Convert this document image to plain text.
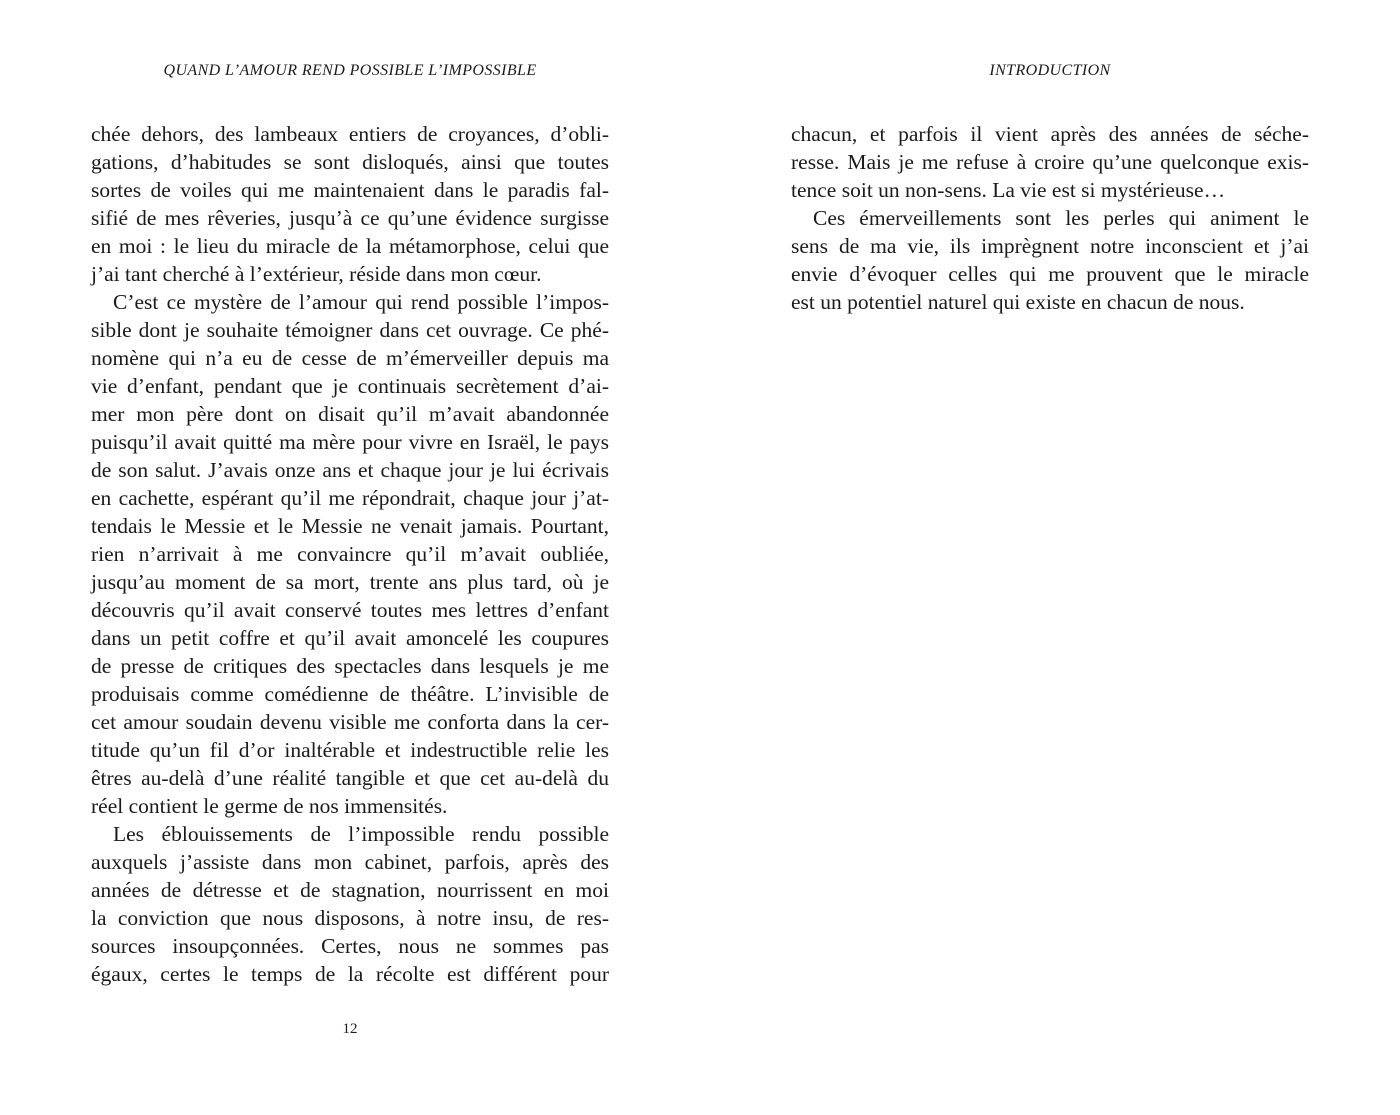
QUAND L’AMOUR REND POSSIBLE L’IMPOSSIBLE
chée dehors, des lambeaux entiers de croyances, d’obli-
gations, d’habitudes se sont disloqués, ainsi que toutes
sortes de voiles qui me maintenaient dans le paradis fal-
sifié de mes rêveries, jusqu’à ce qu’une évidence surgisse
en moi : le lieu du miracle de la métamorphose, celui que
j’ai tant cherché à l’extérieur, réside dans mon cœur.
C’est ce mystère de l’amour qui rend possible l’impos-
sible dont je souhaite témoigner dans cet ouvrage. Ce phé-
nomène qui n’a eu de cesse de m’émerveiller depuis ma
vie d’enfant, pendant que je continuais secrètement d’ai-
mer mon père dont on disait qu’il m’avait abandonnée
puisqu’il avait quitté ma mère pour vivre en Israël, le pays
de son salut. J’avais onze ans et chaque jour je lui écrivais
en cachette, espérant qu’il me répondrait, chaque jour j’at-
tendais le Messie et le Messie ne venait jamais. Pourtant,
rien n’arrivait à me convaincre qu’il m’avait oubliée,
jusqu’au moment de sa mort, trente ans plus tard, où je
découvris qu’il avait conservé toutes mes lettres d’enfant
dans un petit coffre et qu’il avait amoncelé les coupures
de presse de critiques des spectacles dans lesquels je me
produisais comme comédienne de théâtre. L’invisible de
cet amour soudain devenu visible me conforta dans la cer-
titude qu’un fil d’or inaltérable et indestructible relie les
êtres au-delà d’une réalité tangible et que cet au-delà du
réel contient le germe de nos immensités.
Les éblouissements de l’impossible rendu possible
auxquels j’assiste dans mon cabinet, parfois, après des
années de détresse et de stagnation, nourrissent en moi
la conviction que nous disposons, à notre insu, de res-
sources insoupçonnées. Certes, nous ne sommes pas
égaux, certes le temps de la récolte est différent pour
12
INTRODUCTION
chacun, et parfois il vient après des années de séche-
resse. Mais je me refuse à croire qu’une quelconque exis-
tence soit un non-sens. La vie est si mystérieuse…
Ces émerveillements sont les perles qui animent le
sens de ma vie, ils imprègnent notre inconscient et j’ai
envie d’évoquer celles qui me prouvent que le miracle
est un potentiel naturel qui existe en chacun de nous.
